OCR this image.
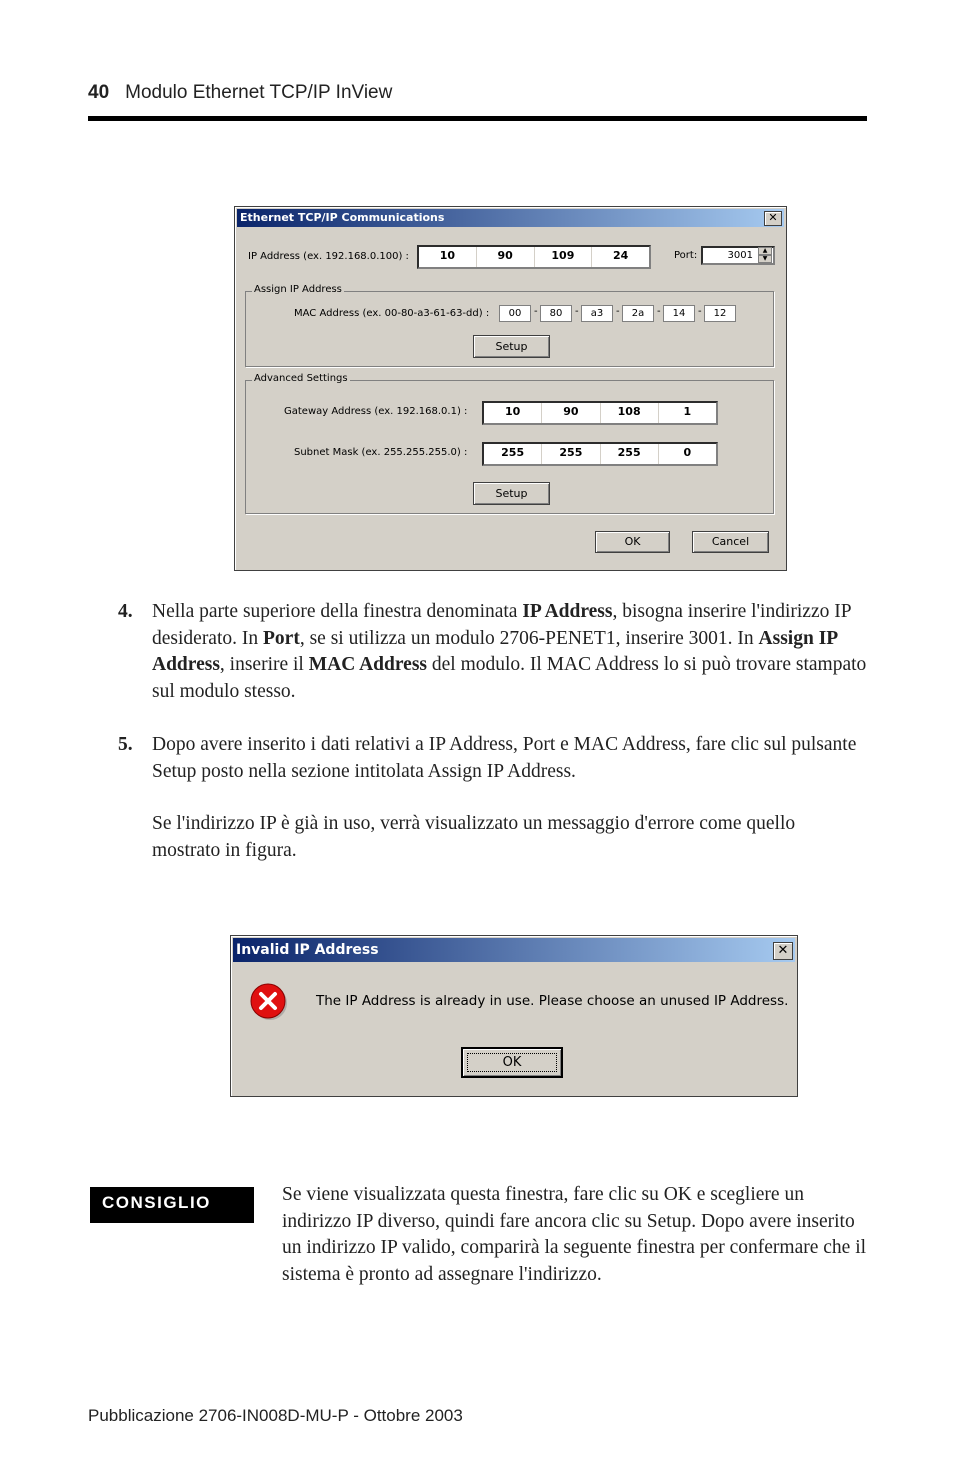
40 Modulo Ethernet TCP/IP InView
Ethernet TCP/IP Communications	✕
IP Address (ex. 192.168.0.100) :	10	90	109	24	Port:	3001	▲
▼
Assign IP Address
MAC Address (ex. 00-80-a3-61-63-dd) :	00	-	80	-	a3	-	2a	-	14	-	12
Setup
Advanced Settings
Gateway Address (ex. 192.168.0.1) :	10	90	108	1
Subnet Mask (ex. 255.255.255.0) :	255	255	255	0
Setup
OK	Cancel
4. Nella parte superiore della finestra denominata IP Address, bisogna inserire l'indirizzo IP desiderato. In Port, se si utilizza un modulo 2706-PENET1, inserire 3001. In Assign IP Address, inserire il MAC Address del modulo. Il MAC Address lo si può trovare stampato sul modulo stesso.
5. Dopo avere inserito i dati relativi a IP Address, Port e MAC Address, fare clic sul pulsante Setup posto nella sezione intitolata Assign IP Address.
Se l'indirizzo IP è già in uso, verrà visualizzato un messaggio d'errore come quello mostrato in figura.
Invalid IP Address	✕
The IP Address is already in use. Please choose an unused IP Address.
OK
CONSIGLIO	Se viene visualizzata questa finestra, fare clic su OK e scegliere un indirizzo IP diverso, quindi fare ancora clic su Setup. Dopo avere inserito un indirizzo IP valido, comparirà la seguente finestra per confermare che il sistema è pronto ad assegnare l'indirizzo.
Pubblicazione 2706-IN008D-MU-P - Ottobre 2003
